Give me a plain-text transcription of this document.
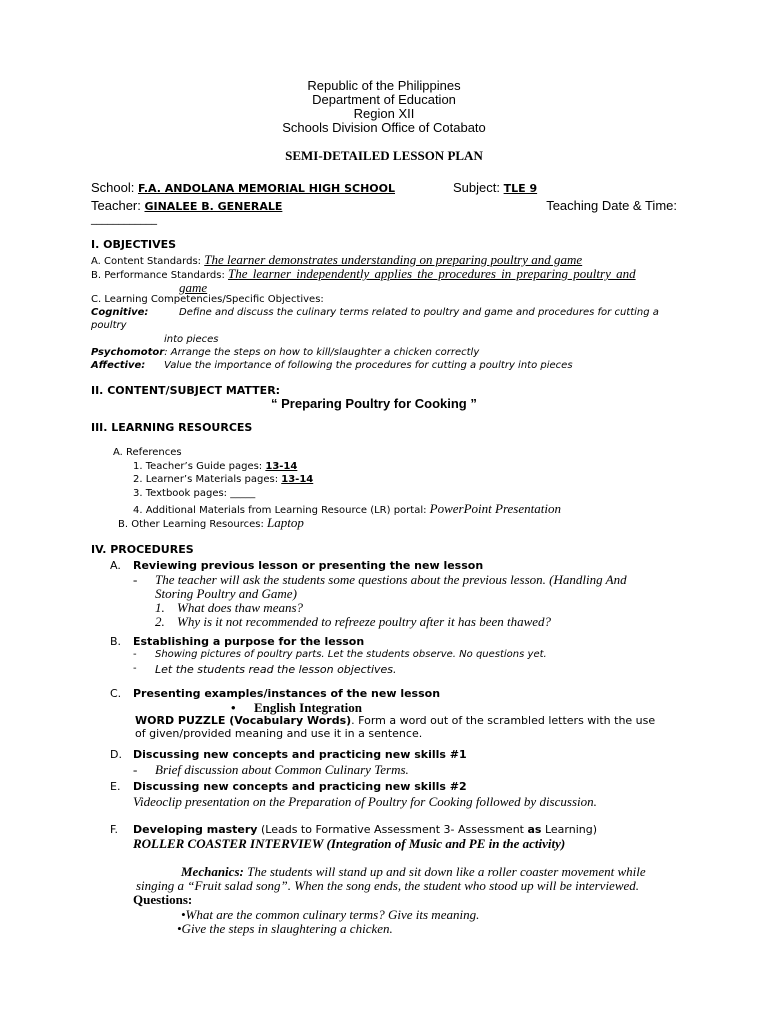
Republic of the Philippines
Department of Education
Region XII
Schools Division Office of Cotabato
SEMI-DETAILED LESSON PLAN
School: F.A. ANDOLANA MEMORIAL HIGH SCHOOL	Subject: TLE 9
Teacher: GINALEE B. GENERALE	Teaching Date & Time:
____________
I. OBJECTIVES
A. Content Standards: The learner demonstrates understanding on preparing poultry and game
B. Performance Standards: The learner independently applies the procedures in preparing poultry and
game
C. Learning Competencies/Specific Objectives:
Cognitive:	Define and discuss the culinary terms related to poultry and game and procedures for cutting a
poultry
into pieces
Psychomotor: Arrange the steps on how to kill/slaughter a chicken correctly
Affective: Value the importance of following the procedures for cutting a poultry into pieces
II. CONTENT/SUBJECT MATTER:
“ Preparing Poultry for Cooking ”
III. LEARNING RESOURCES
A. References
1. Teacher’s Guide pages: 13-14
2. Learner’s Materials pages: 13-14
3. Textbook pages: _____
4. Additional Materials from Learning Resource (LR) portal: PowerPoint Presentation
B. Other Learning Resources: Laptop
IV. PROCEDURES
A. Reviewing previous lesson or presenting the new lesson
- The teacher will ask the students some questions about the previous lesson. (Handling And
Storing Poultry and Game)
1. What does thaw means?
2. Why is it not recommended to refreeze poultry after it has been thawed?
B. Establishing a purpose for the lesson
- Showing pictures of poultry parts. Let the students observe. No questions yet.
- Let the students read the lesson objectives.
C. Presenting examples/instances of the new lesson
• English Integration
WORD PUZZLE (Vocabulary Words). Form a word out of the scrambled letters with the use
of given/provided meaning and use it in a sentence.
D. Discussing new concepts and practicing new skills #1
- Brief discussion about Common Culinary Terms.
E. Discussing new concepts and practicing new skills #2
Videoclip presentation on the Preparation of Poultry for Cooking followed by discussion.
F. Developing mastery (Leads to Formative Assessment 3- Assessment as Learning)
ROLLER COASTER INTERVIEW (Integration of Music and PE in the activity)
Mechanics: The students will stand up and sit down like a roller coaster movement while
singing a “Fruit salad song”. When the song ends, the student who stood up will be interviewed.
Questions:
•What are the common culinary terms? Give its meaning.
•Give the steps in slaughtering a chicken.
